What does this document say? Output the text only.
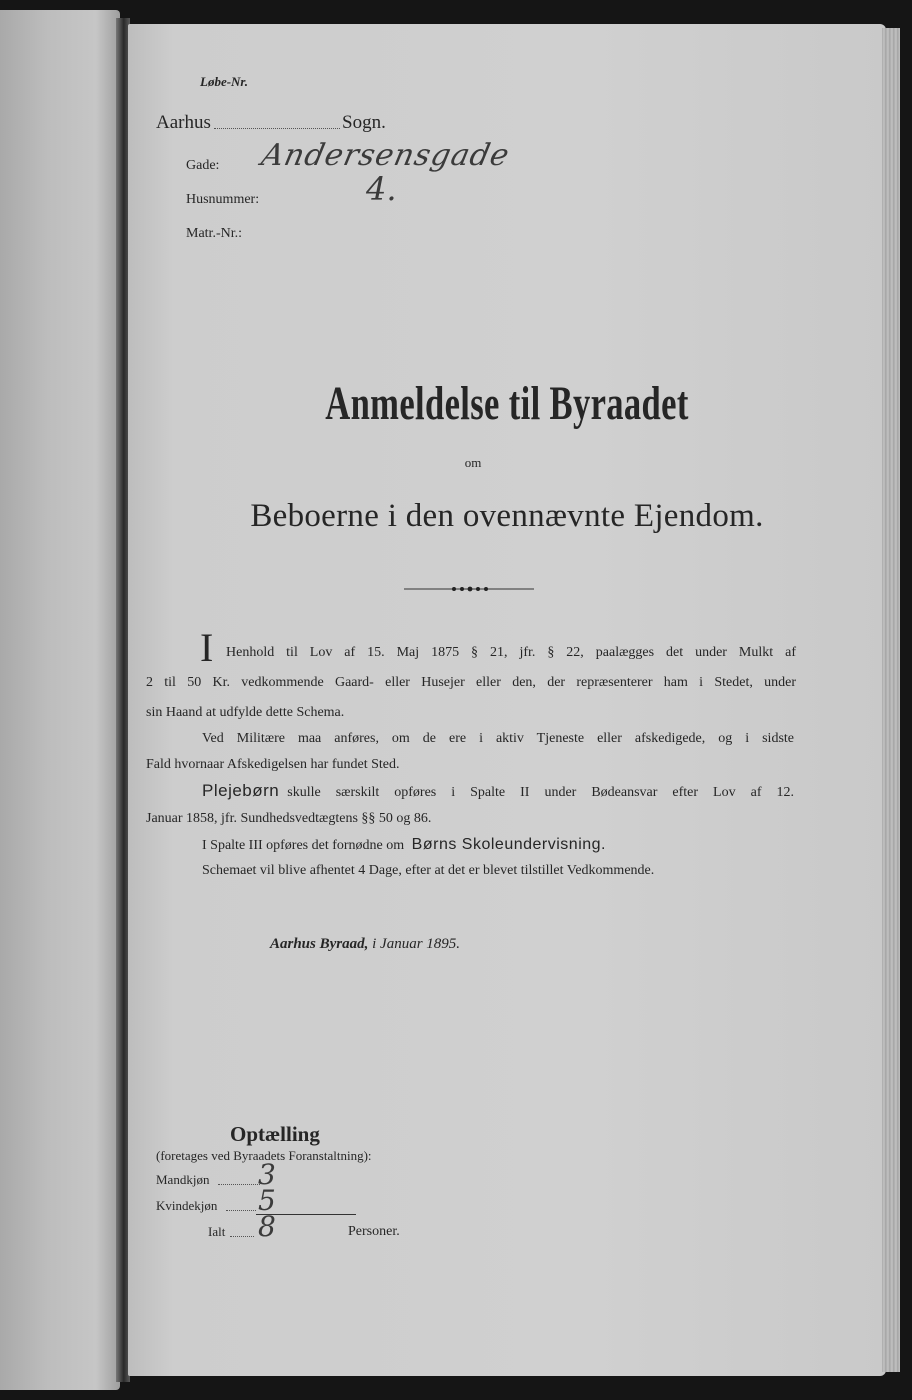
Løbe-Nr.
Aarhus	Sogn.
Gade: Andersensgade
Husnummer:	4.
Matr.-Nr.:
Anmeldelse til Byraadet
om
Beboerne i den ovennævnte Ejendom.
I Henhold til Lov af 15. Maj 1875 § 21, jfr. § 22, paalægges det under Mulkt af
2 til 50 Kr. vedkommende Gaard- eller Husejer eller den, der repræsenterer ham i Stedet, under
sin Haand at udfylde dette Schema.
Ved Militære maa anføres, om de ere i aktiv Tjeneste eller afskedigede, og i sidste
Fald hvornaar Afskedigelsen har fundet Sted.
Plejebørn skulle særskilt opføres i Spalte II under Bødeansvar efter Lov af 12.
Januar 1858, jfr. Sundhedsvedtægtens §§ 50 og 86.
I Spalte III opføres det fornødne om Børns Skoleundervisning.
Schemaet vil blive afhentet 4 Dage, efter at det er blevet tilstillet Vedkommende.
Aarhus Byraad, i Januar 1895.
Optælling
(foretages ved Byraadets Foranstaltning):
Mandkjøn 3
Kvindekjøn 5
Ialt 8	Personer.
